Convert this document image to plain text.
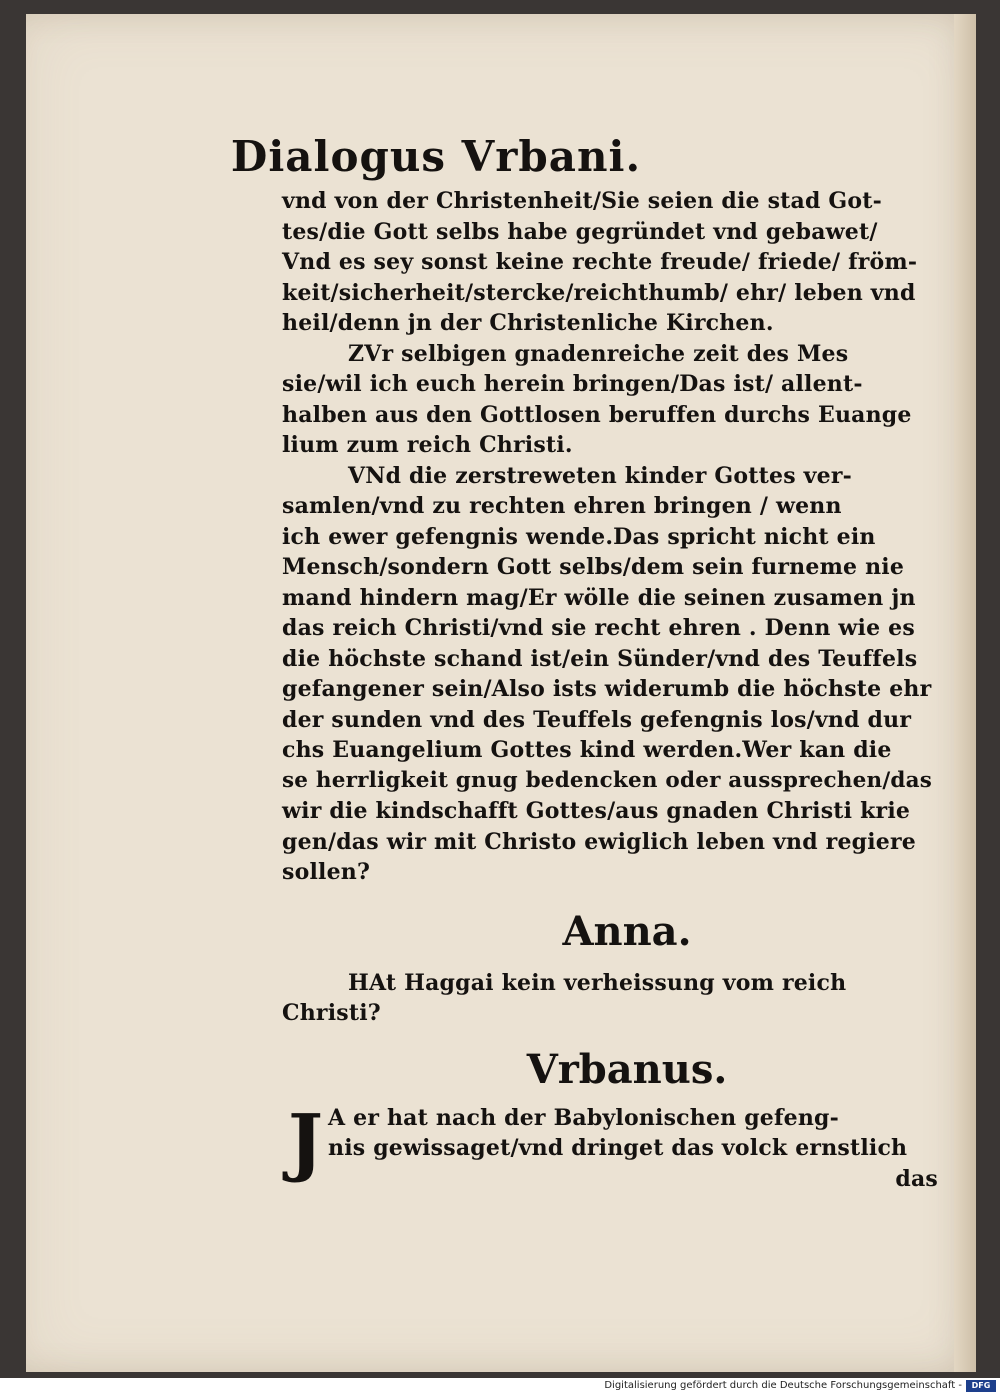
Dialogus Vrbani.
vnd von der Christenheit/Sie seien die stad Got-
tes/die Gott selbs habe gegründet vnd gebawet/
Vnd es sey sonst keine rechte freude/ friede/ fröm-
keit/sicherheit/stercke/reichthumb/ ehr/ leben vnd
heil/denn jn der Christenliche Kirchen.
ZVr selbigen gnadenreiche zeit des Mes
sie/wil ich euch herein bringen/Das ist/ allent-
halben aus den Gottlosen beruffen durchs Euange
lium zum reich Christi.
VNd die zerstreweten kinder Gottes ver-
samlen/vnd zu rechten ehren bringen / wenn
ich ewer gefengnis wende.Das spricht nicht ein
Mensch/sondern Gott selbs/dem sein furneme nie
mand hindern mag/Er wölle die seinen zusamen jn
das reich Christi/vnd sie recht ehren . Denn wie es
die höchste schand ist/ein Sünder/vnd des Teuffels
gefangener sein/Also ists widerumb die höchste ehr
der sunden vnd des Teuffels gefengnis los/vnd dur
chs Euangelium Gottes kind werden.Wer kan die
se herrligkeit gnug bedencken oder aussprechen/das
wir die kindschafft Gottes/aus gnaden Christi krie
gen/das wir mit Christo ewiglich leben vnd regiere
sollen?
Anna.
HAt Haggai kein verheissung vom reich
Christi?
Vrbanus.
J A er hat nach der Babylonischen gefeng-
nis gewissaget/vnd dringet das volck ernstlich
das
Digitalisierung gefördert durch die Deutsche Forschungsgemeinschaft -	DFG
